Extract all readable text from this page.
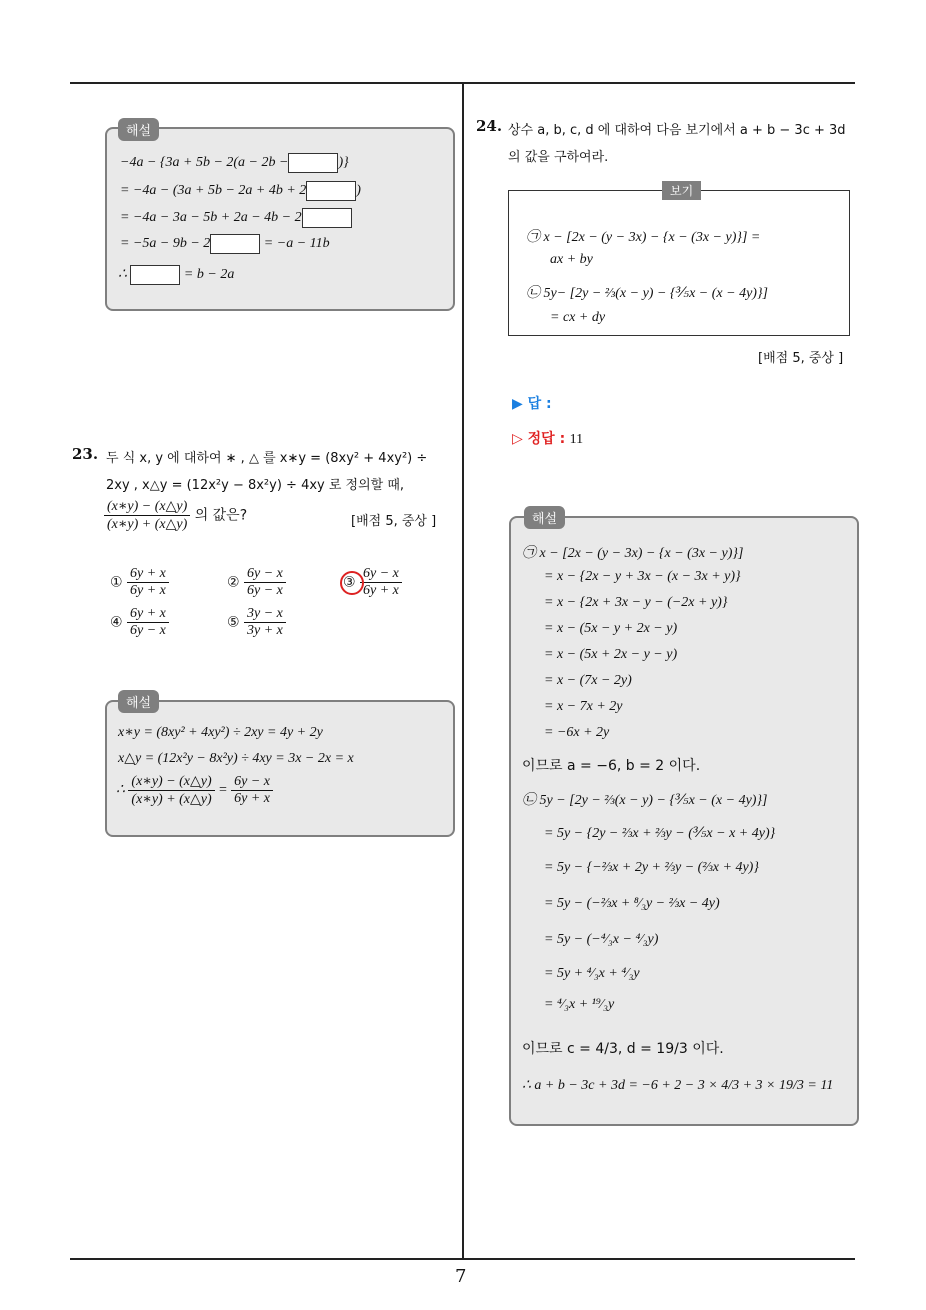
7
해설
−4a − {3a + 5b − 2(a − 2b −	)}
= −4a − (3a + 5b − 2a + 4b + 2	)
= −4a − 3a − 5b + 2a − 4b − 2
= −5a − 9b − 2	= −a − 11b
∴	= b − 2a
23. 두 식 x, y 에 대하여 ∗ , △ 를 x∗y = (8xy² + 4xy²) ÷
2xy , x△y = (12x²y − 8x²y) ÷ 4xy 로 정의할 때,
$\frac{(x∗y) - (x\triangle y)}{(x∗y) + (x\triangle y)}$ 의 값은?	[배점 5, 중상 ]
① $\frac{6y + x}{6y + x}$	② $\frac{6y - x}{6y - x}$	③ $\frac{6y - x}{6y + x}$
④ $\frac{6y + x}{6y - x}$	⑤ $\frac{3y - x}{3y + x}$
해설
x∗y = (8xy² + 4xy²) ÷ 2xy = 4y + 2y
x△y = (12x²y − 8x²y) ÷ 4xy = 3x − 2x = x
∴ $\frac{(x∗y) - (x\triangle y)}{(x∗y) + (x\triangle y)} = \frac{6y - x}{6y + x}$
24. 상수 a, b, c, d 에 대하여 다음 보기에서 a + b − 3c + 3d
의 값을 구하여라.
보기
㉠ x − [2x − (y − 3x) − {x − (3x − y)}] =
ax + by
㉡ 5y− [2y − ⅔(x − y) − {⅗x − (x − 4y)}]
= cx + dy
[배점 5, 중상 ]
▶ 답 :
▷ 정답 : 11
해설
㉠ x − [2x − (y − 3x) − {x − (3x − y)}]
= x − {2x − y + 3x − (x − 3x + y)}
= x − {2x + 3x − y − (−2x + y)}
= x − (5x − y + 2x − y)
= x − (5x + 2x − y − y)
= x − (7x − 2y)
= x − 7x + 2y
= −6x + 2y
이므로 a = −6, b = 2 이다.
㉡ 5y − [2y − ⅔(x − y) − {⅗x − (x − 4y)}]
= 5y − {2y − ⅔x + ⅔y − (⅗x − x + 4y)}
= 5y − {−⅔x + 2y + ⅔y − (⅔x + 4y)}
= 5y − (−⅔x + ⁸⁄₃y − ⅔x − 4y)
= 5y − (−⁴⁄₃x − ⁴⁄₃y)
= 5y + ⁴⁄₃x + ⁴⁄₃y
= ⁴⁄₃x + ¹⁹⁄₃y
이므로 c = 4/3, d = 19/3 이다.
∴ a + b − 3c + 3d = −6 + 2 − 3 × 4/3 + 3 × 19/3 = 11
